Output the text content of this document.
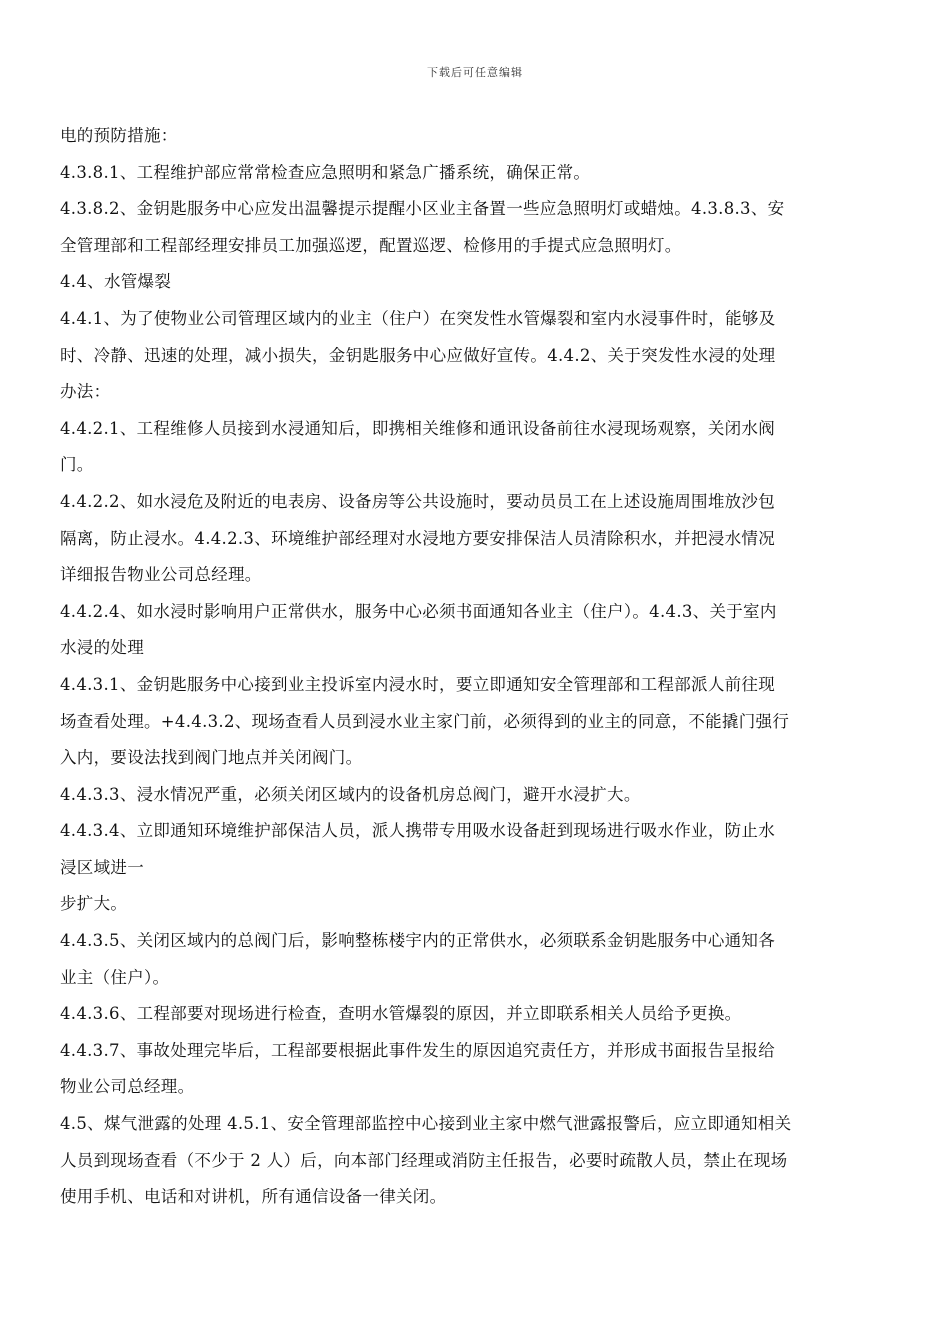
下载后可任意编辑
电的预防措施：
4.3.8.1、工程维护部应常常检查应急照明和紧急广播系统，确保正常。
4.3.8.2、金钥匙服务中心应发出温馨提示提醒小区业主备置一些应急照明灯或蜡烛。4.3.8.3、安
全管理部和工程部经理安排员工加强巡逻，配置巡逻、检修用的手提式应急照明灯。
4.4、水管爆裂
4.4.1、为了使物业公司管理区域内的业主（住户）在突发性水管爆裂和室内水浸事件时，能够及
时、冷静、迅速的处理，减小损失，金钥匙服务中心应做好宣传。4.4.2、关于突发性水浸的处理
办法：
4.4.2.1、工程维修人员接到水浸通知后，即携相关维修和通讯设备前往水浸现场观察，关闭水阀
门。
4.4.2.2、如水浸危及附近的电表房、设备房等公共设施时，要动员员工在上述设施周围堆放沙包
隔离，防止浸水。4.4.2.3、环境维护部经理对水浸地方要安排保洁人员清除积水，并把浸水情况
详细报告物业公司总经理。
4.4.2.4、如水浸时影响用户正常供水，服务中心必须书面通知各业主（住户）。4.4.3、关于室内
水浸的处理
4.4.3.1、金钥匙服务中心接到业主投诉室内浸水时，要立即通知安全管理部和工程部派人前往现
场查看处理。+4.4.3.2、现场查看人员到浸水业主家门前，必须得到的业主的同意，不能撬门强行
入内，要设法找到阀门地点并关闭阀门。
4.4.3.3、浸水情况严重，必须关闭区域内的设备机房总阀门，避开水浸扩大。
4.4.3.4、立即通知环境维护部保洁人员，派人携带专用吸水设备赶到现场进行吸水作业，防止水
浸区域进一
步扩大。
4.4.3.5、关闭区域内的总阀门后，影响整栋楼宇内的正常供水，必须联系金钥匙服务中心通知各
业主（住户）。
4.4.3.6、工程部要对现场进行检查，查明水管爆裂的原因，并立即联系相关人员给予更换。
4.4.3.7、事故处理完毕后，工程部要根据此事件发生的原因追究责任方，并形成书面报告呈报给
物业公司总经理。
4.5、煤气泄露的处理 4.5.1、安全管理部监控中心接到业主家中燃气泄露报警后，应立即通知相关
人员到现场查看（不少于 2 人）后，向本部门经理或消防主任报告，必要时疏散人员，禁止在现场
使用手机、电话和对讲机，所有通信设备一律关闭。
